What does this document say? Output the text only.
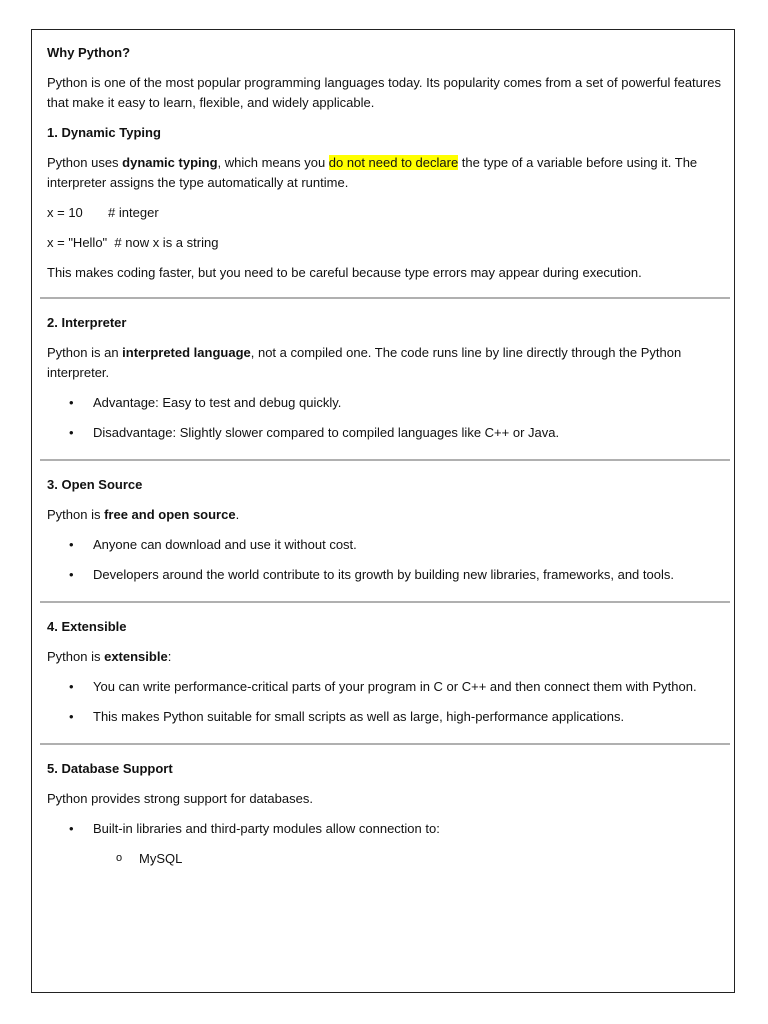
Why Python?

Python is one of the most popular programming languages today. Its popularity comes from a set of powerful features that make it easy to learn, flexible, and widely applicable.

1. Dynamic Typing

Python uses dynamic typing, which means you do not need to declare the type of a variable before using it. The interpreter assigns the type automatically at runtime.

x = 10       # integer

x = "Hello"  # now x is a string

This makes coding faster, but you need to be careful because type errors may appear during execution.

2. Interpreter

Python is an interpreted language, not a compiled one. The code runs line by line directly through the Python interpreter.

• Advantage: Easy to test and debug quickly.
• Disadvantage: Slightly slower compared to compiled languages like C++ or Java.

3. Open Source

Python is free and open source.

• Anyone can download and use it without cost.
• Developers around the world contribute to its growth by building new libraries, frameworks, and tools.

4. Extensible

Python is extensible:

• You can write performance-critical parts of your program in C or C++ and then connect them with Python.
• This makes Python suitable for small scripts as well as large, high-performance applications.

5. Database Support

Python provides strong support for databases.

• Built-in libraries and third-party modules allow connection to:
o MySQL
